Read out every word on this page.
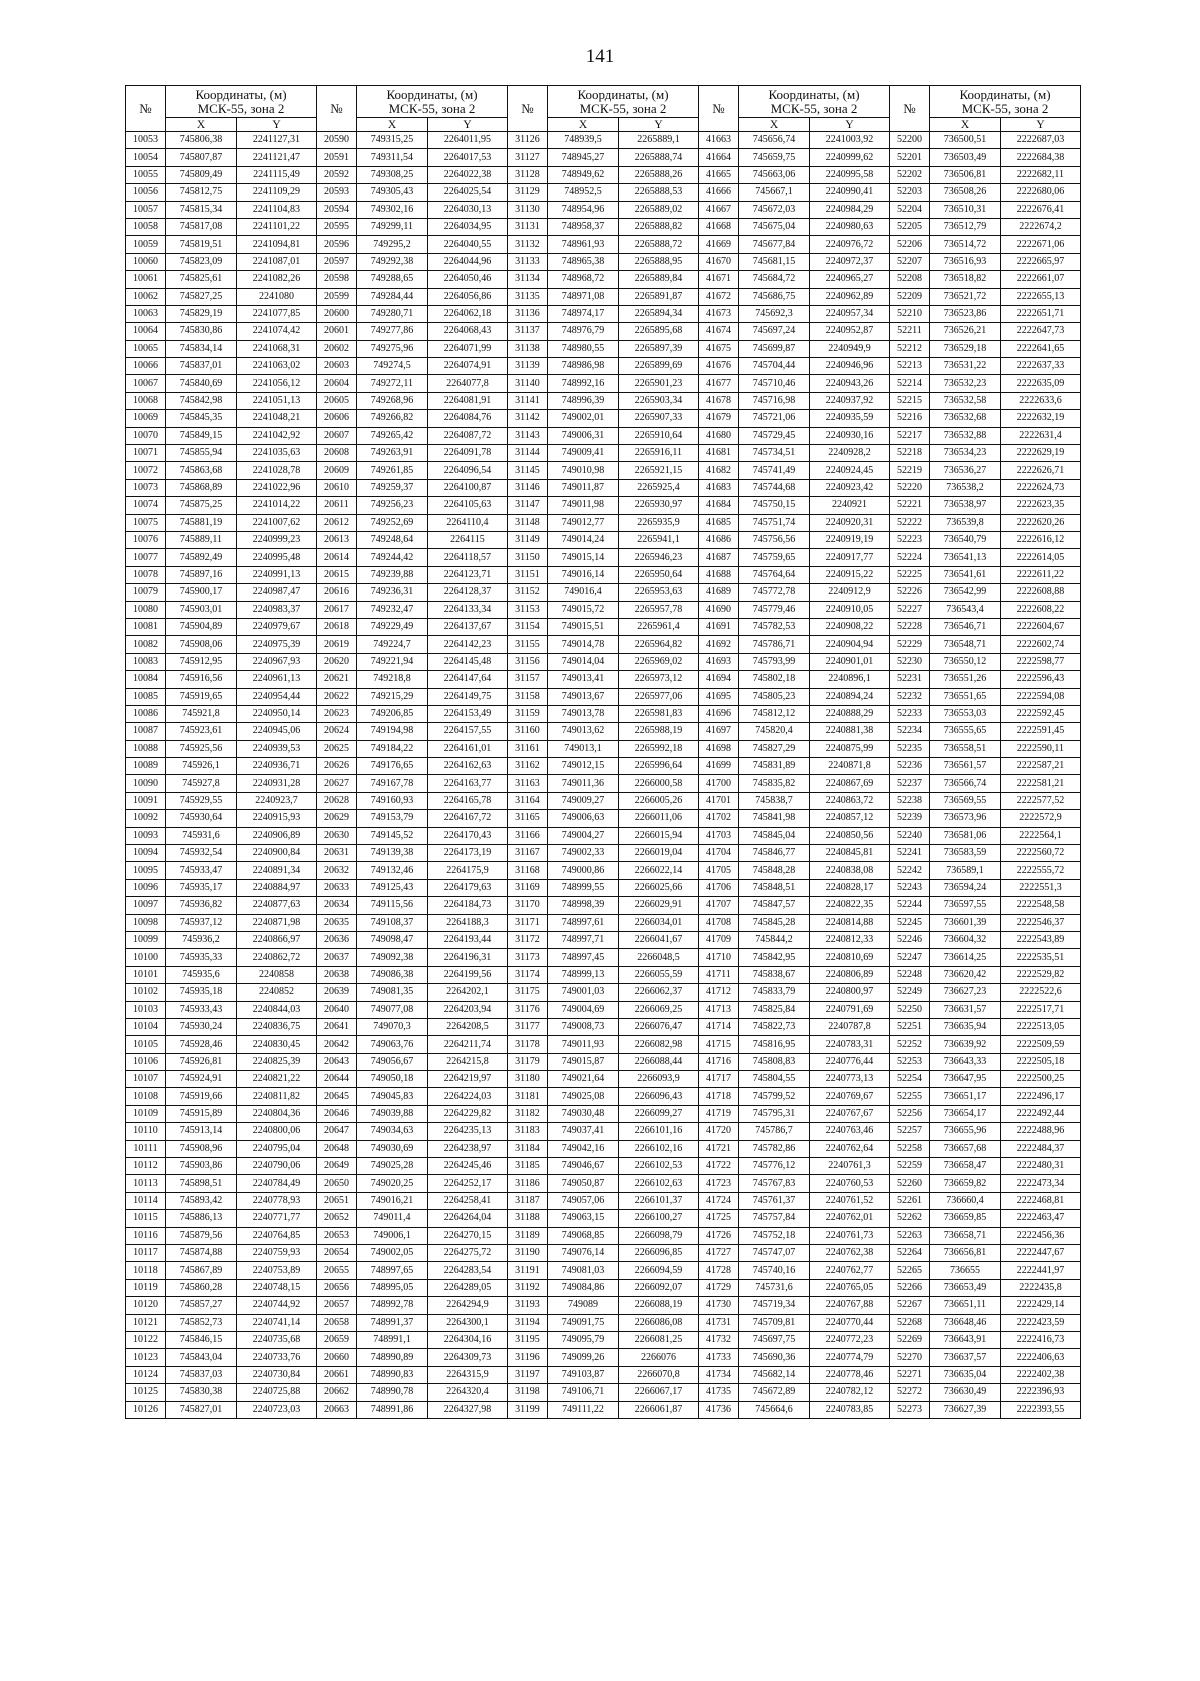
141
№	Координаты, (м)
МСК-55, зона 2		№	Координаты, (м)
МСК-55, зона 2		№	Координаты, (м)
МСК-55, зона 2		№	Координаты, (м)
МСК-55, зона 2		№	Координаты, (м)
МСК-55, зона 2	

	X	Y		X	Y		X	Y		X	Y		X	Y
10053	745806,38	2241127,31	20590	749315,25	2264011,95	31126	748939,5	2265889,1	41663	745656,74	2241003,92	52200	736500,51	2222687,03
10054	745807,87	2241121,47	20591	749311,54	2264017,53	31127	748945,27	2265888,74	41664	745659,75	2240999,62	52201	736503,49	2222684,38
10055	745809,49	2241115,49	20592	749308,25	2264022,38	31128	748949,62	2265888,26	41665	745663,06	2240995,58	52202	736506,81	2222682,11
10056	745812,75	2241109,29	20593	749305,43	2264025,54	31129	748952,5	2265888,53	41666	745667,1	2240990,41	52203	736508,26	2222680,06
10057	745815,34	2241104,83	20594	749302,16	2264030,13	31130	748954,96	2265889,02	41667	745672,03	2240984,29	52204	736510,31	2222676,41
10058	745817,08	2241101,22	20595	749299,11	2264034,95	31131	748958,37	2265888,82	41668	745675,04	2240980,63	52205	736512,79	2222674,2
10059	745819,51	2241094,81	20596	749295,2	2264040,55	31132	748961,93	2265888,72	41669	745677,84	2240976,72	52206	736514,72	2222671,06
10060	745823,09	2241087,01	20597	749292,38	2264044,96	31133	748965,38	2265888,95	41670	745681,15	2240972,37	52207	736516,93	2222665,97
10061	745825,61	2241082,26	20598	749288,65	2264050,46	31134	748968,72	2265889,84	41671	745684,72	2240965,27	52208	736518,82	2222661,07
10062	745827,25	2241080	20599	749284,44	2264056,86	31135	748971,08	2265891,87	41672	745686,75	2240962,89	52209	736521,72	2222655,13
10063	745829,19	2241077,85	20600	749280,71	2264062,18	31136	748974,17	2265894,34	41673	745692,3	2240957,34	52210	736523,86	2222651,71
10064	745830,86	2241074,42	20601	749277,86	2264068,43	31137	748976,79	2265895,68	41674	745697,24	2240952,87	52211	736526,21	2222647,73
10065	745834,14	2241068,31	20602	749275,96	2264071,99	31138	748980,55	2265897,39	41675	745699,87	2240949,9	52212	736529,18	2222641,65
10066	745837,01	2241063,02	20603	749274,5	2264074,91	31139	748986,98	2265899,69	41676	745704,44	2240946,96	52213	736531,22	2222637,33
10067	745840,69	2241056,12	20604	749272,11	2264077,8	31140	748992,16	2265901,23	41677	745710,46	2240943,26	52214	736532,23	2222635,09
10068	745842,98	2241051,13	20605	749268,96	2264081,91	31141	748996,39	2265903,34	41678	745716,98	2240937,92	52215	736532,58	2222633,6
10069	745845,35	2241048,21	20606	749266,82	2264084,76	31142	749002,01	2265907,33	41679	745721,06	2240935,59	52216	736532,68	2222632,19
10070	745849,15	2241042,92	20607	749265,42	2264087,72	31143	749006,31	2265910,64	41680	745729,45	2240930,16	52217	736532,88	2222631,4
10071	745855,94	2241035,63	20608	749263,91	2264091,78	31144	749009,41	2265916,11	41681	745734,51	2240928,2	52218	736534,23	2222629,19
10072	745863,68	2241028,78	20609	749261,85	2264096,54	31145	749010,98	2265921,15	41682	745741,49	2240924,45	52219	736536,27	2222626,71
10073	745868,89	2241022,96	20610	749259,37	2264100,87	31146	749011,87	2265925,4	41683	745744,68	2240923,42	52220	736538,2	2222624,73
10074	745875,25	2241014,22	20611	749256,23	2264105,63	31147	749011,98	2265930,97	41684	745750,15	2240921	52221	736538,97	2222623,35
10075	745881,19	2241007,62	20612	749252,69	2264110,4	31148	749012,77	2265935,9	41685	745751,74	2240920,31	52222	736539,8	2222620,26
10076	745889,11	2240999,23	20613	749248,64	2264115	31149	749014,24	2265941,1	41686	745756,56	2240919,19	52223	736540,79	2222616,12
10077	745892,49	2240995,48	20614	749244,42	2264118,57	31150	749015,14	2265946,23	41687	745759,65	2240917,77	52224	736541,13	2222614,05
10078	745897,16	2240991,13	20615	749239,88	2264123,71	31151	749016,14	2265950,64	41688	745764,64	2240915,22	52225	736541,61	2222611,22
10079	745900,17	2240987,47	20616	749236,31	2264128,37	31152	749016,4	2265953,63	41689	745772,78	2240912,9	52226	736542,99	2222608,88
10080	745903,01	2240983,37	20617	749232,47	2264133,34	31153	749015,72	2265957,78	41690	745779,46	2240910,05	52227	736543,4	2222608,22
10081	745904,89	2240979,67	20618	749229,49	2264137,67	31154	749015,51	2265961,4	41691	745782,53	2240908,22	52228	736546,71	2222604,67
10082	745908,06	2240975,39	20619	749224,7	2264142,23	31155	749014,78	2265964,82	41692	745786,71	2240904,94	52229	736548,71	2222602,74
10083	745912,95	2240967,93	20620	749221,94	2264145,48	31156	749014,04	2265969,02	41693	745793,99	2240901,01	52230	736550,12	2222598,77
10084	745916,56	2240961,13	20621	749218,8	2264147,64	31157	749013,41	2265973,12	41694	745802,18	2240896,1	52231	736551,26	2222596,43
10085	745919,65	2240954,44	20622	749215,29	2264149,75	31158	749013,67	2265977,06	41695	745805,23	2240894,24	52232	736551,65	2222594,08
10086	745921,8	2240950,14	20623	749206,85	2264153,49	31159	749013,78	2265981,83	41696	745812,12	2240888,29	52233	736553,03	2222592,45
10087	745923,61	2240945,06	20624	749194,98	2264157,55	31160	749013,62	2265988,19	41697	745820,4	2240881,38	52234	736555,65	2222591,45
10088	745925,56	2240939,53	20625	749184,22	2264161,01	31161	749013,1	2265992,18	41698	745827,29	2240875,99	52235	736558,51	2222590,11
10089	745926,1	2240936,71	20626	749176,65	2264162,63	31162	749012,15	2265996,64	41699	745831,89	2240871,8	52236	736561,57	2222587,21
10090	745927,8	2240931,28	20627	749167,78	2264163,77	31163	749011,36	2266000,58	41700	745835,82	2240867,69	52237	736566,74	2222581,21
10091	745929,55	2240923,7	20628	749160,93	2264165,78	31164	749009,27	2266005,26	41701	745838,7	2240863,72	52238	736569,55	2222577,52
10092	745930,64	2240915,93	20629	749153,79	2264167,72	31165	749006,63	2266011,06	41702	745841,98	2240857,12	52239	736573,96	2222572,9
10093	745931,6	2240906,89	20630	749145,52	2264170,43	31166	749004,27	2266015,94	41703	745845,04	2240850,56	52240	736581,06	2222564,1
10094	745932,54	2240900,84	20631	749139,38	2264173,19	31167	749002,33	2266019,04	41704	745846,77	2240845,81	52241	736583,59	2222560,72
10095	745933,47	2240891,34	20632	749132,46	2264175,9	31168	749000,86	2266022,14	41705	745848,28	2240838,08	52242	736589,1	2222555,72
10096	745935,17	2240884,97	20633	749125,43	2264179,63	31169	748999,55	2266025,66	41706	745848,51	2240828,17	52243	736594,24	2222551,3
10097	745936,82	2240877,63	20634	749115,56	2264184,73	31170	748998,39	2266029,91	41707	745847,57	2240822,35	52244	736597,55	2222548,58
10098	745937,12	2240871,98	20635	749108,37	2264188,3	31171	748997,61	2266034,01	41708	745845,28	2240814,88	52245	736601,39	2222546,37
10099	745936,2	2240866,97	20636	749098,47	2264193,44	31172	748997,71	2266041,67	41709	745844,2	2240812,33	52246	736604,32	2222543,89
10100	745935,33	2240862,72	20637	749092,38	2264196,31	31173	748997,45	2266048,5	41710	745842,95	2240810,69	52247	736614,25	2222535,51
10101	745935,6	2240858	20638	749086,38	2264199,56	31174	748999,13	2266055,59	41711	745838,67	2240806,89	52248	736620,42	2222529,82
10102	745935,18	2240852	20639	749081,35	2264202,1	31175	749001,03	2266062,37	41712	745833,79	2240800,97	52249	736627,23	2222522,6
10103	745933,43	2240844,03	20640	749077,08	2264203,94	31176	749004,69	2266069,25	41713	745825,84	2240791,69	52250	736631,57	2222517,71
10104	745930,24	2240836,75	20641	749070,3	2264208,5	31177	749008,73	2266076,47	41714	745822,73	2240787,8	52251	736635,94	2222513,05
10105	745928,46	2240830,45	20642	749063,76	2264211,74	31178	749011,93	2266082,98	41715	745816,95	2240783,31	52252	736639,92	2222509,59
10106	745926,81	2240825,39	20643	749056,67	2264215,8	31179	749015,87	2266088,44	41716	745808,83	2240776,44	52253	736643,33	2222505,18
10107	745924,91	2240821,22	20644	749050,18	2264219,97	31180	749021,64	2266093,9	41717	745804,55	2240773,13	52254	736647,95	2222500,25
10108	745919,66	2240811,82	20645	749045,83	2264224,03	31181	749025,08	2266096,43	41718	745799,52	2240769,67	52255	736651,17	2222496,17
10109	745915,89	2240804,36	20646	749039,88	2264229,82	31182	749030,48	2266099,27	41719	745795,31	2240767,67	52256	736654,17	2222492,44
10110	745913,14	2240800,06	20647	749034,63	2264235,13	31183	749037,41	2266101,16	41720	745786,7	2240763,46	52257	736655,96	2222488,96
10111	745908,96	2240795,04	20648	749030,69	2264238,97	31184	749042,16	2266102,16	41721	745782,86	2240762,64	52258	736657,68	2222484,37
10112	745903,86	2240790,06	20649	749025,28	2264245,46	31185	749046,67	2266102,53	41722	745776,12	2240761,3	52259	736658,47	2222480,31
10113	745898,51	2240784,49	20650	749020,25	2264252,17	31186	749050,87	2266102,63	41723	745767,83	2240760,53	52260	736659,82	2222473,34
10114	745893,42	2240778,93	20651	749016,21	2264258,41	31187	749057,06	2266101,37	41724	745761,37	2240761,52	52261	736660,4	2222468,81
10115	745886,13	2240771,77	20652	749011,4	2264264,04	31188	749063,15	2266100,27	41725	745757,84	2240762,01	52262	736659,85	2222463,47
10116	745879,56	2240764,85	20653	749006,1	2264270,15	31189	749068,85	2266098,79	41726	745752,18	2240761,73	52263	736658,71	2222456,36
10117	745874,88	2240759,93	20654	749002,05	2264275,72	31190	749076,14	2266096,85	41727	745747,07	2240762,38	52264	736656,81	2222447,67
10118	745867,89	2240753,89	20655	748997,65	2264283,54	31191	749081,03	2266094,59	41728	745740,16	2240762,77	52265	736655	2222441,97
10119	745860,28	2240748,15	20656	748995,05	2264289,05	31192	749084,86	2266092,07	41729	745731,6	2240765,05	52266	736653,49	2222435,8
10120	745857,27	2240744,92	20657	748992,78	2264294,9	31193	749089	2266088,19	41730	745719,34	2240767,88	52267	736651,11	2222429,14
10121	745852,73	2240741,14	20658	748991,37	2264300,1	31194	749091,75	2266086,08	41731	745709,81	2240770,44	52268	736648,46	2222423,59
10122	745846,15	2240735,68	20659	748991,1	2264304,16	31195	749095,79	2266081,25	41732	745697,75	2240772,23	52269	736643,91	2222416,73
10123	745843,04	2240733,76	20660	748990,89	2264309,73	31196	749099,26	2266076	41733	745690,36	2240774,79	52270	736637,57	2222406,63
10124	745837,03	2240730,84	20661	748990,83	2264315,9	31197	749103,87	2266070,8	41734	745682,14	2240778,46	52271	736635,04	2222402,38
10125	745830,38	2240725,88	20662	748990,78	2264320,4	31198	749106,71	2266067,17	41735	745672,89	2240782,12	52272	736630,49	2222396,93
10126	745827,01	2240723,03	20663	748991,86	2264327,98	31199	749111,22	2266061,87	41736	745664,6	2240783,85	52273	736627,39	2222393,55
